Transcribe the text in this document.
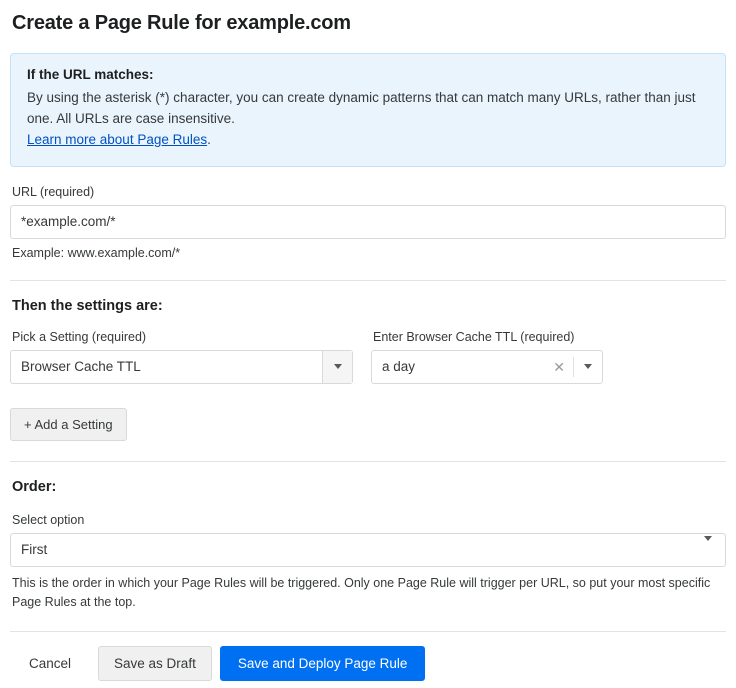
Create a Page Rule for example.com
If the URL matches:
By using the asterisk (*) character, you can create dynamic patterns that can match many URLs, rather than just one. All URLs are case insensitive.
Learn more about Page Rules.
URL (required)
*example.com/*
Example: www.example.com/*
Then the settings are:
Pick a Setting (required)
Browser Cache TTL
Enter Browser Cache TTL (required)
a day	✕
+ Add a Setting
Order:
Select option
First
This is the order in which your Page Rules will be triggered. Only one Page Rule will trigger per URL, so put your most specific Page Rules at the top.
Cancel	Save as Draft	Save and Deploy Page Rule
